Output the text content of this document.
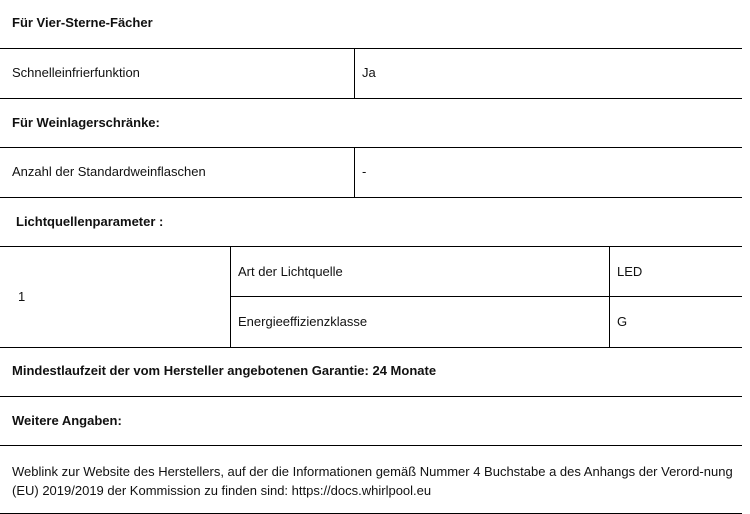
Für Vier-Sterne-Fächer
Schnelleinfrierfunktion	Ja
Für Weinlagerschränke:
Anzahl der Standardweinflaschen	-
Lichtquellenparameter :
1
Art der Lichtquelle	LED
Energieeffizienzklasse	G
Mindestlaufzeit der vom Hersteller angebotenen Garantie: 24 Monate
Weitere Angaben:
Weblink zur Website des Herstellers, auf der die Informationen gemäß Nummer 4 Buchstabe a des Anhangs der Verord-nung (EU) 2019/2019 der Kommission zu finden sind: https://docs.whirlpool.eu
